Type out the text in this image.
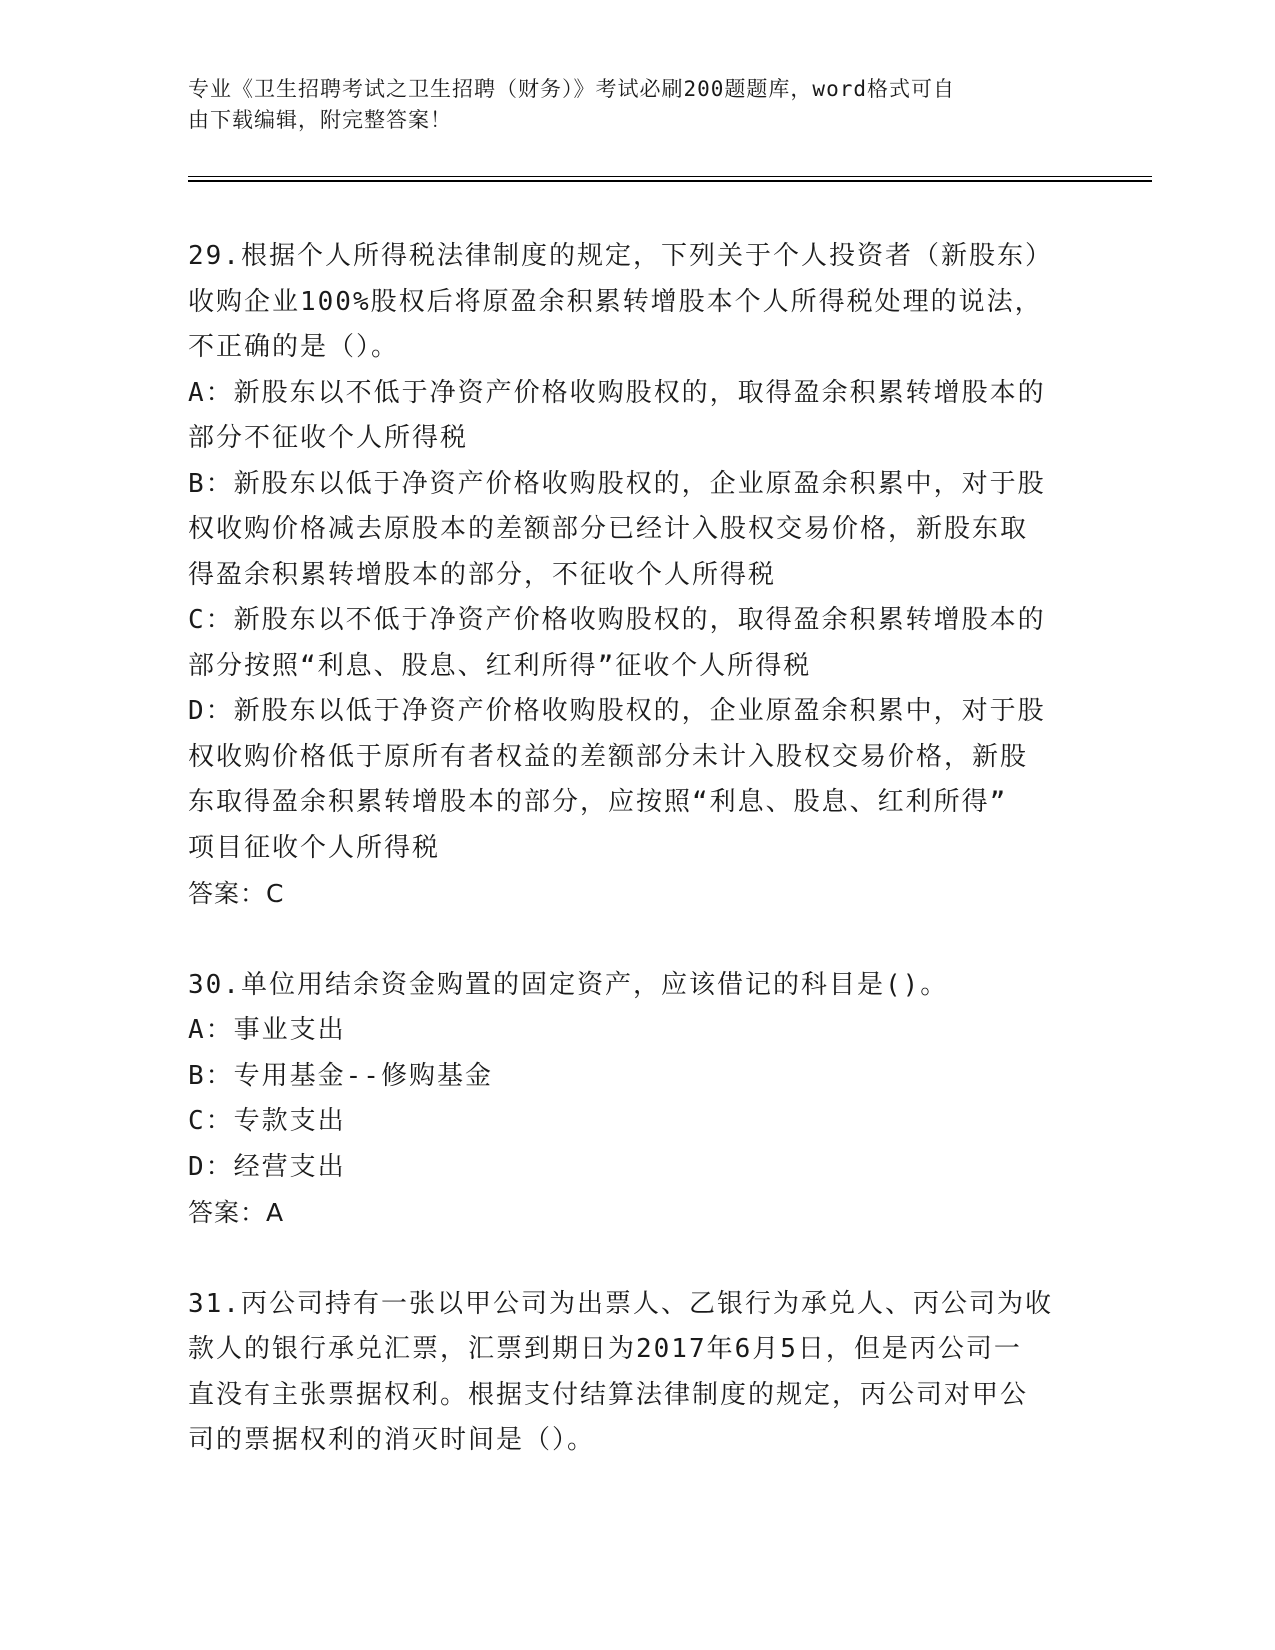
专业《卫生招聘考试之卫生招聘（财务）》考试必刷200题题库，word格式可自
由下载编辑，附完整答案！
29.根据个人所得税法律制度的规定，下列关于个人投资者（新股东）
收购企业100%股权后将原盈余积累转增股本个人所得税处理的说法，
不正确的是（）。
A：新股东以不低于净资产价格收购股权的，取得盈余积累转增股本的
部分不征收个人所得税
B：新股东以低于净资产价格收购股权的，企业原盈余积累中，对于股
权收购价格减去原股本的差额部分已经计入股权交易价格，新股东取
得盈余积累转增股本的部分，不征收个人所得税
C：新股东以不低于净资产价格收购股权的，取得盈余积累转增股本的
部分按照“利息、股息、红利所得”征收个人所得税
D：新股东以低于净资产价格收购股权的，企业原盈余积累中，对于股
权收购价格低于原所有者权益的差额部分未计入股权交易价格，新股
东取得盈余积累转增股本的部分，应按照“利息、股息、红利所得”
项目征收个人所得税
答案：C
30.单位用结余资金购置的固定资产，应该借记的科目是()。
A：事业支出
B：专用基金--修购基金
C：专款支出
D：经营支出
答案：A
31.丙公司持有一张以甲公司为出票人、乙银行为承兑人、丙公司为收
款人的银行承兑汇票，汇票到期日为2017年6月5日，但是丙公司一
直没有主张票据权利。根据支付结算法律制度的规定，丙公司对甲公
司的票据权利的消灭时间是（）。
